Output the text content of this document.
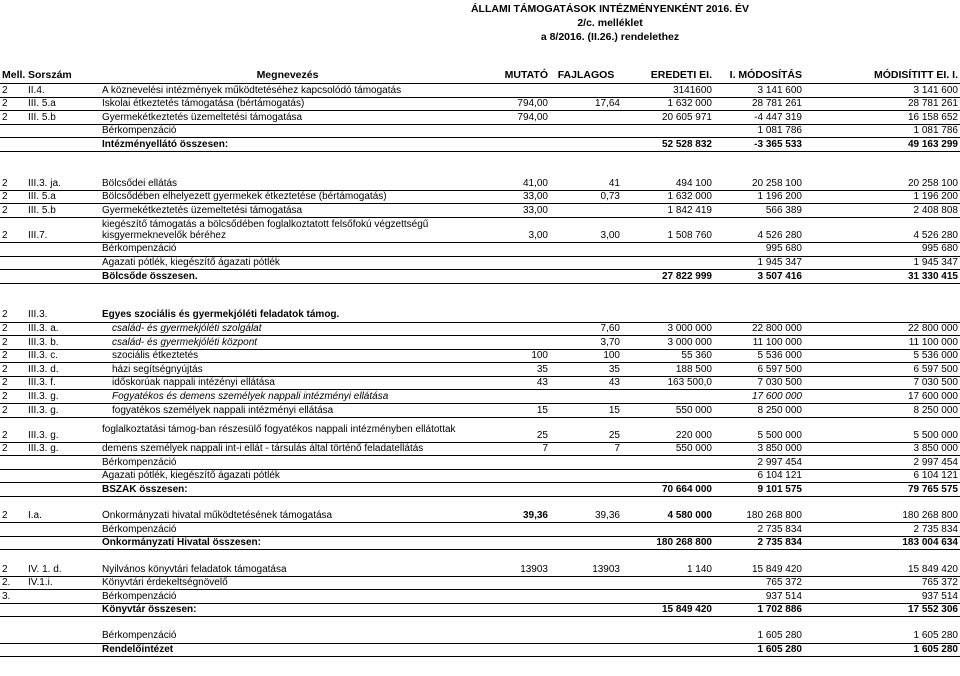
ÁLLAMI TÁMOGATÁSOK INTÉZMÉNYENKÉNT 2016. ÉV
2/c. melléklet
a 8/2016. (II.26.) rendelethez
Mell.	Sorszám	Megnevezés	MUTATÓ	FAJLAGOS	EREDETI EI.	I. MÓDOSÍTÁS	MÓDISÍTITT EI. I.
2	II.4.	A köznevelési intézmények működtetéséhez kapcsolódó támogatás			3141600	3 141 600	3 141 600
2	III. 5.a	Iskolai étkeztetés támogatása (bértámogatás)	794,00	17,64	1 632 000	28 781 261	28 781 261
2	III. 5.b	Gyermekétkeztetés üzemeltetési támogatása	794,00		20 605 971	-4 447 319	16 158 652
		Bérkompenzáció				1 081 786	1 081 786
		Intézményellátó összesen:			52 528 832	-3 365 533	49 163 299

2	III.3. ja.	Bölcsődei ellátás	41,00	41	494 100	20 258 100	20 258 100
2	III. 5.a	Bölcsődében elhelyezett gyermekek étkeztetése (bértámogatás)	33,00	0,73	1 632 000	1 196 200	1 196 200
2	III. 5.b	Gyermekétkeztetés üzemeltetési támogatása	33,00		1 842 419	566 389	2 408 808
2	III.7.	kiegészítő támogatás a bölcsődében foglalkoztatott felsőfokú végzettségű kisgyermeknevelők béréhez	3,00	3,00	1 508 760	4 526 280	4 526 280
		Bérkompenzáció				995 680	995 680
		Ágazati pótlék, kiegészítő ágazati pótlék				1 945 347	1 945 347
		Bölcsőde összesen.			27 822 999	3 507 416	31 330 415

2	III.3.	Egyes szociális és gyermekjóléti feladatok támog.					
2	III.3. a.	család- és gyermekjóléti szolgálat		7,60	3 000 000	22 800 000	22 800 000
2	III.3. b.	család- és gyermekjóléti központ		3,70	3 000 000	11 100 000	11 100 000
2	III.3. c.	szociális étkeztetés	100	100	55 360	5 536 000	5 536 000
2	III.3. d.	házi segítségnyújtás	35	35	188 500	6 597 500	6 597 500
2	III.3. f.	időskorúak nappali intézényi ellátása	43	43	163 500,0	7 030 500	7 030 500
2	III.3. g.	Fogyatékos és demens személyek nappali intézményi ellátása				17 600 000	17 600 000
2	III.3. g.	fogyatékos személyek nappali intézményi ellátása	15	15	550 000	8 250 000	8 250 000
2	III.3. g.	foglalkoztatási támog-ban részesülő fogyatékos nappali intézményben ellátottak	25	25	220 000	5 500 000	5 500 000
2	III.3. g.	demens személyek nappali int-i ellát - társulás által történő feladatellátás	7	7	550 000	3 850 000	3 850 000
		Bérkompenzáció				2 997 454	2 997 454
		Ágazati pótlék, kiegészítő ágazati pótlék				6 104 121	6 104 121
		BSZAK összesen:			70 664 000	9 101 575	79 765 575

2	I.a.	Önkormányzati hivatal működtetésének támogatása	39,36	39,36	4 580 000	180 268 800	180 268 800
		Bérkompenzáció				2 735 834	2 735 834
		Önkormányzati Hivatal összesen:			180 268 800	2 735 834	183 004 634

2	IV. 1. d.	Nyilvános könyvtári feladatok támogatása	13903	13903	1 140	15 849 420	15 849 420
2.	IV.1.i.	Könyvtári érdekeltségnövelő				765 372	765 372
3.		Bérkompenzáció				937 514	937 514
		Könyvtár összesen:			15 849 420	1 702 886	17 552 306

		Bérkompenzáció				1 605 280	1 605 280
		Rendelőintézet				1 605 280	1 605 280
